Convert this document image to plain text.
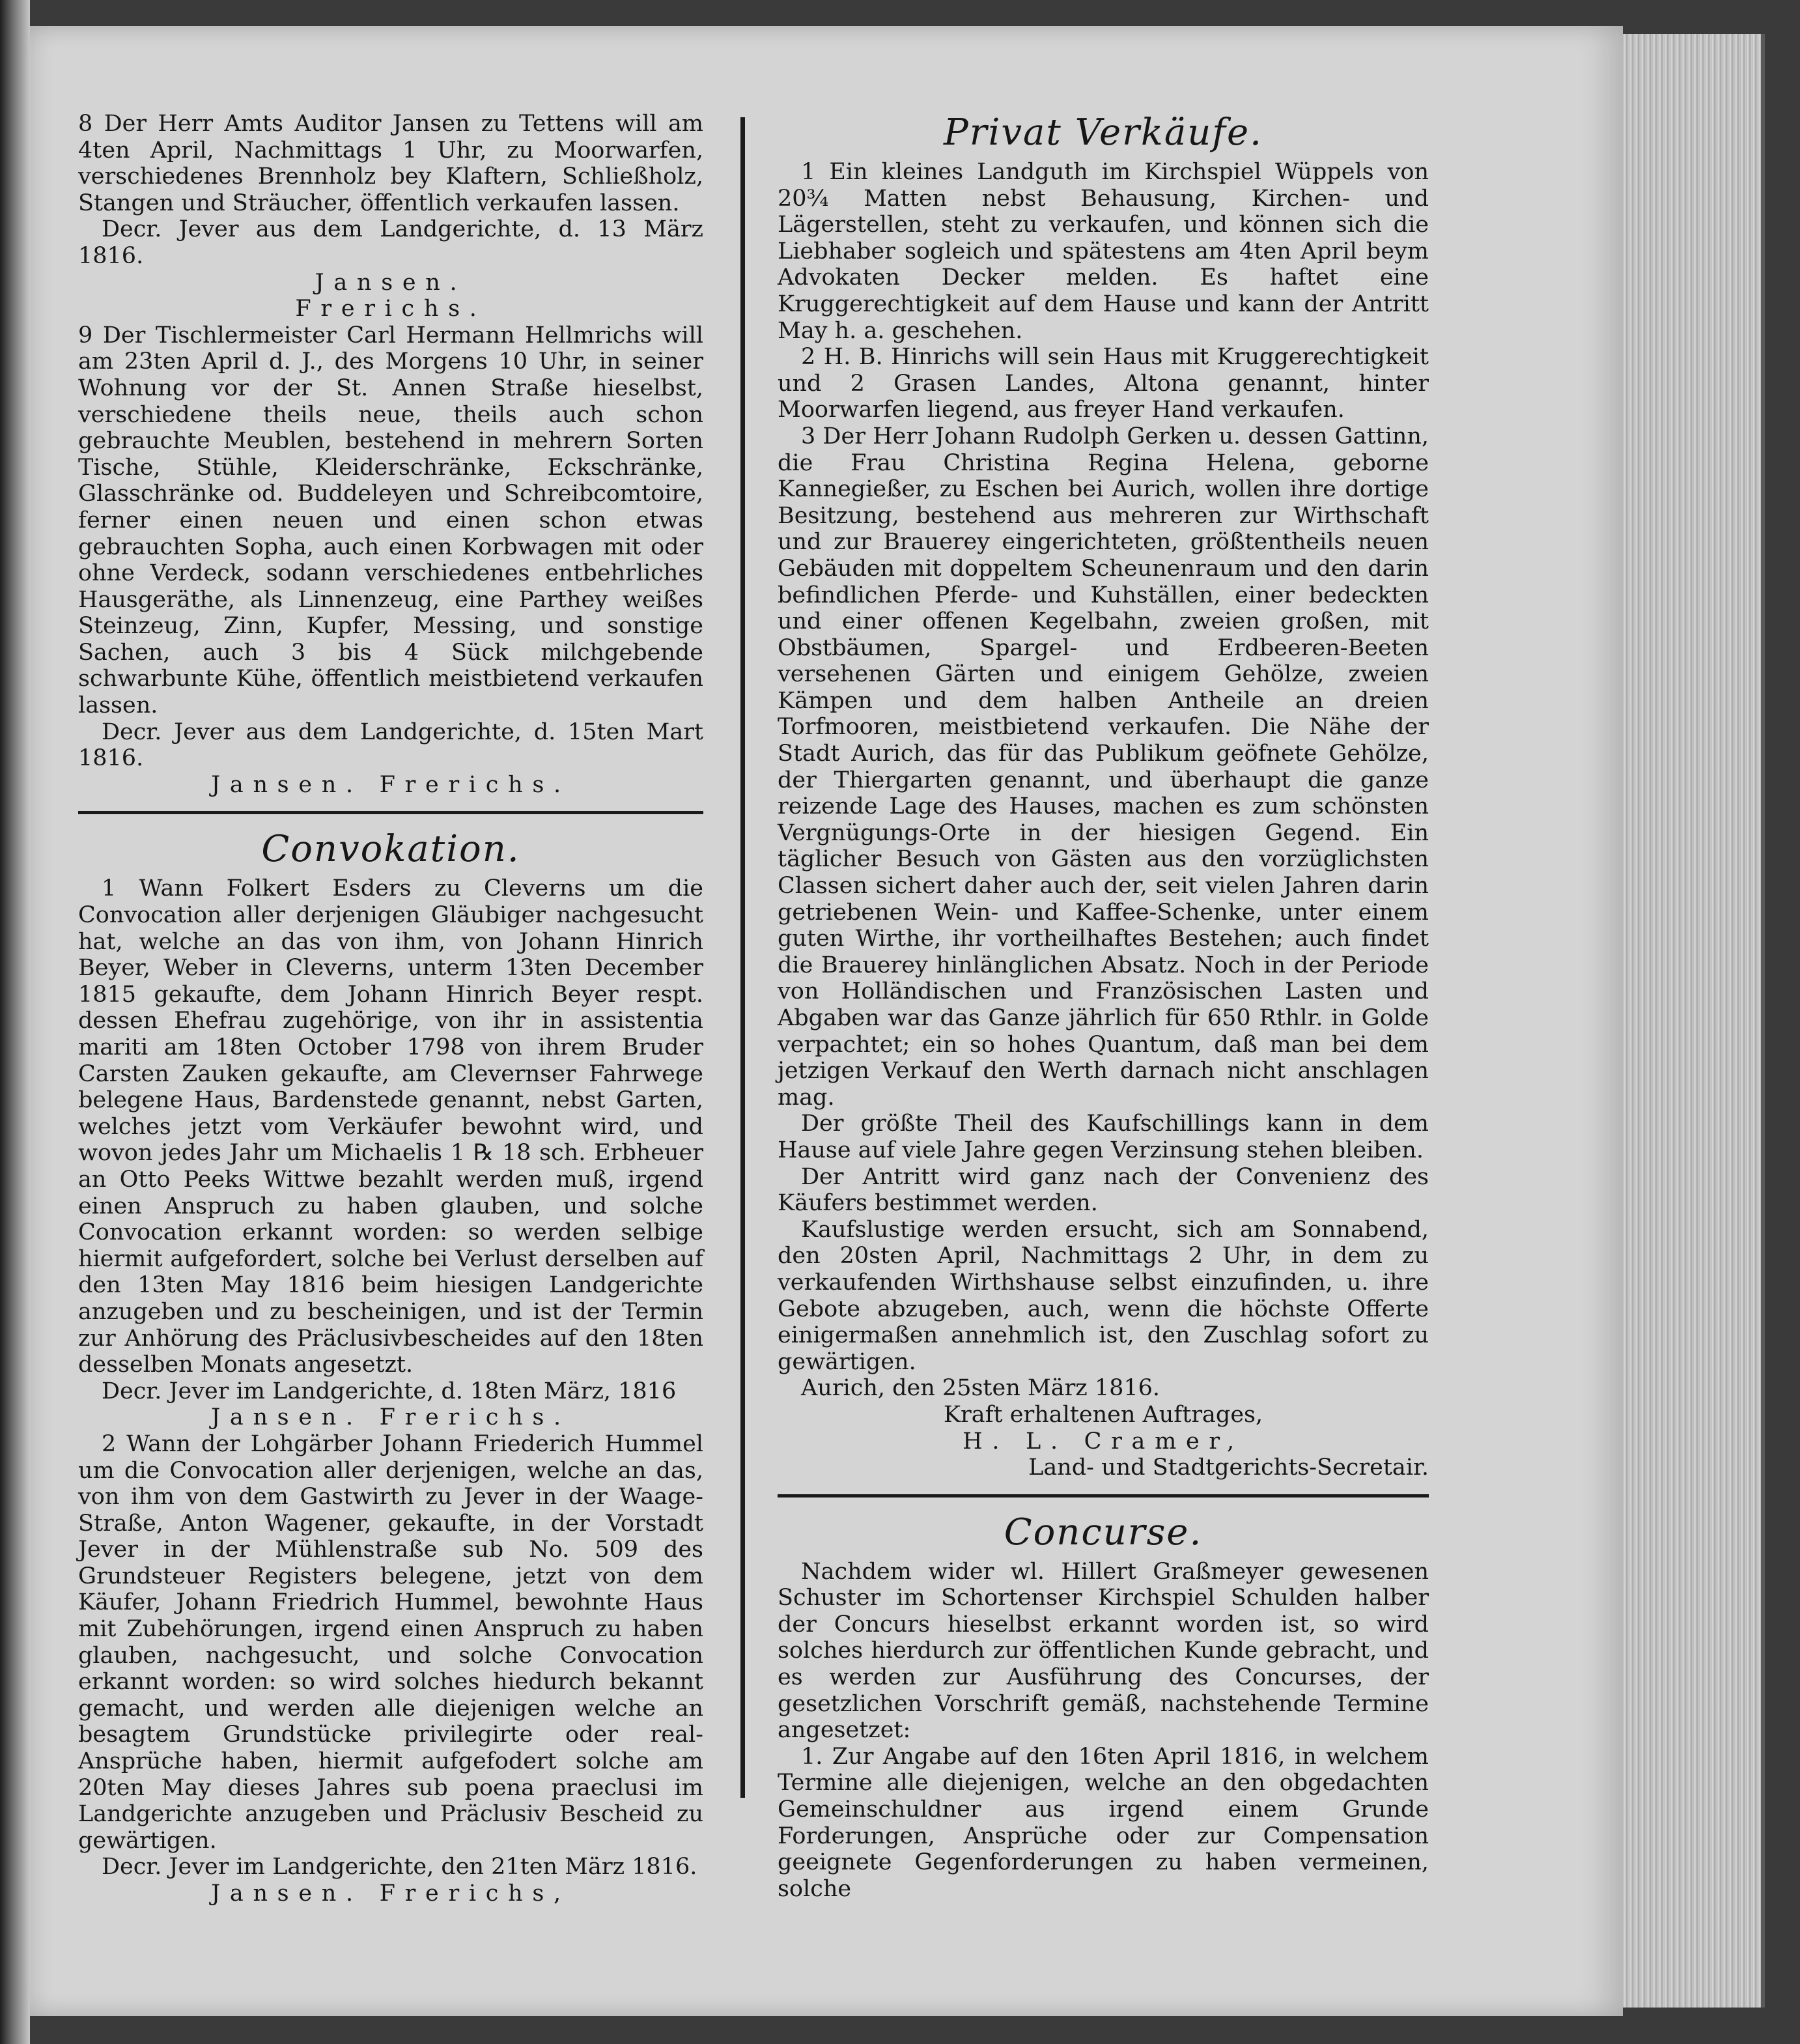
8 Der Herr Amts Auditor Jansen zu Tettens will am 4ten April, Nachmittags 1 Uhr, zu Moorwarfen, verschiedenes Brennholz bey Klaftern, Schließholz, Stangen und Sträucher, öffentlich verkaufen lassen.

Decr. Jever aus dem Landgerichte, d. 13 März 1816.

Jansen.

Frerichs.

9 Der Tischlermeister Carl Hermann Hellmrichs will am 23ten April d. J., des Morgens 10 Uhr, in seiner Wohnung vor der St. Annen Straße hieselbst, verschiedene theils neue, theils auch schon gebrauchte Meublen, bestehend in mehrern Sorten Tische, Stühle, Kleiderschränke, Eckschränke, Glasschränke od. Buddeleyen und Schreibcomtoire, ferner einen neuen und einen schon etwas gebrauchten Sopha, auch einen Korbwagen mit oder ohne Verdeck, sodann verschiedenes entbehrliches Hausgeräthe, als Linnenzeug, eine Parthey weißes Steinzeug, Zinn, Kupfer, Messing, und sonstige Sachen, auch 3 bis 4 Sück milchgebende schwarbunte Kühe, öffentlich meistbietend verkaufen lassen.

Decr. Jever aus dem Landgerichte, d. 15ten Mart 1816.

Jansen. Frerichs.

Convokation.

1 Wann Folkert Esders zu Cleverns um die Convocation aller derjenigen Gläubiger nachgesucht hat, welche an das von ihm, von Johann Hinrich Beyer, Weber in Cleverns, unterm 13ten December 1815 gekaufte, dem Johann Hinrich Beyer respt. dessen Ehefrau zugehörige, von ihr in assistentia mariti am 18ten October 1798 von ihrem Bruder Carsten Zauken gekaufte, am Clevernser Fahrwege belegene Haus, Bardenstede genannt, nebst Garten, welches jetzt vom Verkäufer bewohnt wird, und wovon jedes Jahr um Michaelis 1 ℞ 18 sch. Erbheuer an Otto Peeks Wittwe bezahlt werden muß, irgend einen Anspruch zu haben glauben, und solche Convocation erkannt worden: so werden selbige hiermit aufgefordert, solche bei Verlust derselben auf den 13ten May 1816 beim hiesigen Landgerichte anzugeben und zu bescheinigen, und ist der Termin zur Anhörung des Präclusivbescheides auf den 18ten desselben Monats angesetzt.

Decr. Jever im Landgerichte, d. 18ten März, 1816

Jansen. Frerichs.

2 Wann der Lohgärber Johann Friederich Hummel um die Convocation aller derjenigen, welche an das, von ihm von dem Gastwirth zu Jever in der Waage-Straße, Anton Wagener, gekaufte, in der Vorstadt Jever in der Mühlenstraße sub No. 509 des Grundsteuer Registers belegene, jetzt von dem Käufer, Johann Friedrich Hummel, bewohnte Haus mit Zubehörungen, irgend einen Anspruch zu haben glauben, nachgesucht, und solche Convocation erkannt worden: so wird solches hiedurch bekannt gemacht, und werden alle diejenigen welche an besagtem Grundstücke privilegirte oder real-Ansprüche haben, hiermit aufgefodert solche am 20ten May dieses Jahres sub poena praeclusi im Landgerichte anzugeben und Präclusiv Bescheid zu gewärtigen.

Decr. Jever im Landgerichte, den 21ten März 1816.

Jansen. Frerichs,

Privat Verkäufe.

1 Ein kleines Landguth im Kirchspiel Wüppels von 20¾ Matten nebst Behausung, Kirchen- und Lägerstellen, steht zu verkaufen, und können sich die Liebhaber sogleich und spätestens am 4ten April beym Advokaten Decker melden. Es haftet eine Kruggerechtigkeit auf dem Hause und kann der Antritt May h. a. geschehen.

2 H. B. Hinrichs will sein Haus mit Kruggerechtigkeit und 2 Grasen Landes, Altona genannt, hinter Moorwarfen liegend, aus freyer Hand verkaufen.

3 Der Herr Johann Rudolph Gerken u. dessen Gattinn, die Frau Christina Regina Helena, geborne Kannegießer, zu Eschen bei Aurich, wollen ihre dortige Besitzung, bestehend aus mehreren zur Wirthschaft und zur Brauerey eingerichteten, größtentheils neuen Gebäuden mit doppeltem Scheunenraum und den darin befindlichen Pferde- und Kuhställen, einer bedeckten und einer offenen Kegelbahn, zweien großen, mit Obstbäumen, Spargel- und Erdbeeren-Beeten versehenen Gärten und einigem Gehölze, zweien Kämpen und dem halben Antheile an dreien Torfmooren, meistbietend verkaufen. Die Nähe der Stadt Aurich, das für das Publikum geöfnete Gehölze, der Thiergarten genannt, und überhaupt die ganze reizende Lage des Hauses, machen es zum schönsten Vergnügungs-Orte in der hiesigen Gegend. Ein täglicher Besuch von Gästen aus den vorzüglichsten Classen sichert daher auch der, seit vielen Jahren darin getriebenen Wein- und Kaffee-Schenke, unter einem guten Wirthe, ihr vortheilhaftes Bestehen; auch findet die Brauerey hinlänglichen Absatz. Noch in der Periode von Holländischen und Französischen Lasten und Abgaben war das Ganze jährlich für 650 Rthlr. in Golde verpachtet; ein so hohes Quantum, daß man bei dem jetzigen Verkauf den Werth darnach nicht anschlagen mag.

Der größte Theil des Kaufschillings kann in dem Hause auf viele Jahre gegen Verzinsung stehen bleiben.

Der Antritt wird ganz nach der Convenienz des Käufers bestimmet werden.

Kaufslustige werden ersucht, sich am Sonnabend, den 20sten April, Nachmittags 2 Uhr, in dem zu verkaufenden Wirthshause selbst einzufinden, u. ihre Gebote abzugeben, auch, wenn die höchste Offerte einigermaßen annehmlich ist, den Zuschlag sofort zu gewärtigen.

Aurich, den 25sten März 1816.

Kraft erhaltenen Auftrages,

H. L. Cramer,

Land- und Stadtgerichts-Secretair.

Concurse.

Nachdem wider wl. Hillert Graßmeyer gewesenen Schuster im Schortenser Kirchspiel Schulden halber der Concurs hieselbst erkannt worden ist, so wird solches hierdurch zur öffentlichen Kunde gebracht, und es werden zur Ausführung des Concurses, der gesetzlichen Vorschrift gemäß, nachstehende Termine angesetzet:

1. Zur Angabe auf den 16ten April 1816, in welchem Termine alle diejenigen, welche an den obgedachten Gemeinschuldner aus irgend einem Grunde Forderungen, Ansprüche oder zur Compensation geeignete Gegenforderungen zu haben vermeinen, solche
